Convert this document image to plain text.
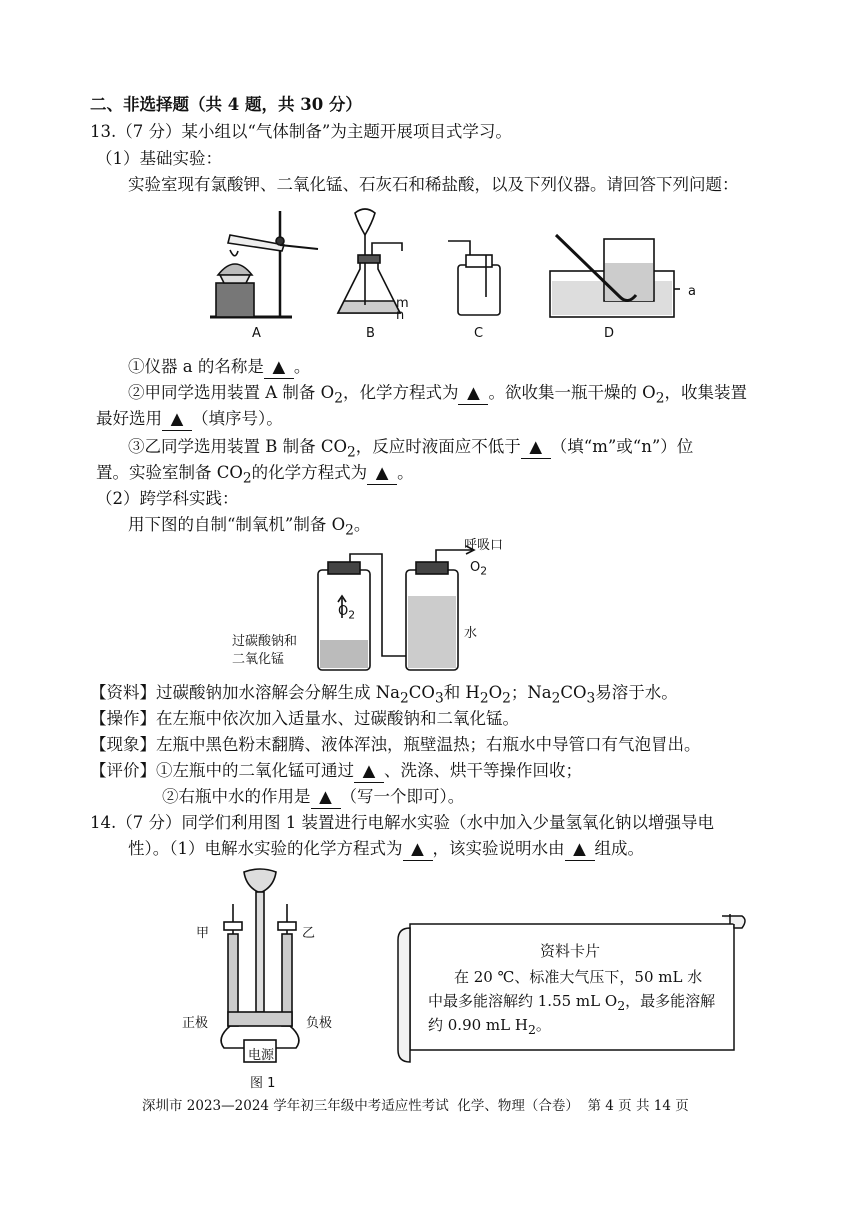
二、非选择题（共 4 题，共 30 分）
13.（7 分）某小组以“气体制备”为主题开展项目式学习。
（1）基础实验：
实验室现有氯酸钾、二氧化锰、石灰石和稀盐酸，以及下列仪器。请回答下列问题：
A	B	C	D
m
n
a
①仪器 a 的名称是 ▲ 。
②甲同学选用装置 A 制备 $O_2$，化学方程式为 ▲ 。欲收集一瓶干燥的 $O_2$，收集装置
最好选用 ▲ （填序号）。
③乙同学选用装置 B 制备 $CO_2$，反应时液面应不低于 ▲ （填“m”或“n”）位
置。实验室制备 $CO_2$的化学方程式为 ▲ 。
（2）跨学科实践：
用下图的自制“制氧机”制备 $O_2$。
$O_2$
呼吸口
$O_2$
过碳酸钠和
二氧化锰
水
【资料】过碳酸钠加水溶解会分解生成 $Na_2CO_3$和 $H_2O_2$；$Na_2CO_3$易溶于水。
【操作】在左瓶中依次加入适量水、过碳酸钠和二氧化锰。
【现象】左瓶中黑色粉末翻腾、液体浑浊，瓶壁温热；右瓶水中导管口有气泡冒出。
【评价】①左瓶中的二氧化锰可通过 ▲ 、洗涤、烘干等操作回收；
②右瓶中水的作用是 ▲ （写一个即可）。
14.（7 分）同学们利用图 1 装置进行电解水实验（水中加入少量氢氧化钠以增强导电
性）。（1）电解水实验的化学方程式为 ▲ ，该实验说明水由 ▲ 组成。
甲	乙
正极	负极
电源
图 1
资料卡片
在 20 ℃、标准大气压下，50 mL 水
中最多能溶解约 1.55 mL $O_2$，最多能溶解
约 0.90 mL $H_2$。
深圳市 2023—2024 学年初三年级中考适应性考试 化学、物理（合卷） 第 4 页 共 14 页
